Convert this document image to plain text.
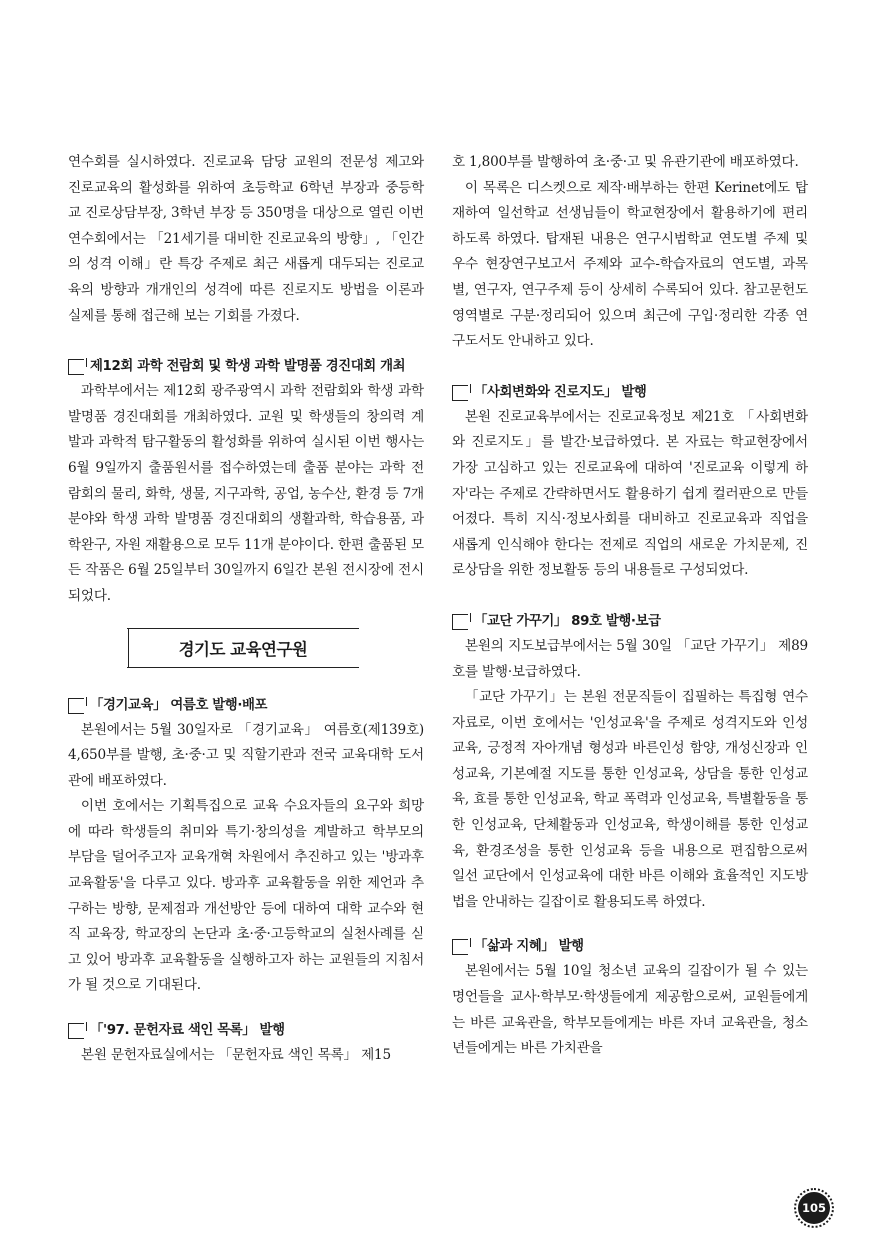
연수회를 실시하였다. 진로교육 담당 교원의 전문성 제고와 진로교육의 활성화를 위하여 초등학교 6학년 부장과 중등학교 진로상담부장, 3학년 부장 등 350명을 대상으로 열린 이번 연수회에서는 「21세기를 대비한 진로교육의 방향」, 「인간의 성격 이해」란 특강 주제로 최근 새롭게 대두되는 진로교육의 방향과 개개인의 성격에 따른 진로지도 방법을 이론과 실제를 통해 접근해 보는 기회를 가졌다.

제12회 과학 전람회 및 학생 과학 발명품 경진대회 개최

과학부에서는 제12회 광주광역시 과학 전람회와 학생 과학 발명품 경진대회를 개최하였다. 교원 및 학생들의 창의력 계발과 과학적 탐구활동의 활성화를 위하여 실시된 이번 행사는 6월 9일까지 출품원서를 접수하였는데 출품 분야는 과학 전람회의 물리, 화학, 생물, 지구과학, 공업, 농수산, 환경 등 7개 분야와 학생 과학 발명품 경진대회의 생활과학, 학습용품, 과학완구, 자원 재활용으로 모두 11개 분야이다. 한편 출품된 모든 작품은 6월 25일부터 30일까지 6일간 본원 전시장에 전시되었다.

경기도 교육연구원
「경기교육」 여름호 발행·배포

본원에서는 5월 30일자로 「경기교육」 여름호(제139호) 4,650부를 발행, 초·중·고 및 직할기관과 전국 교육대학 도서관에 배포하였다.

이번 호에서는 기획특집으로 교육 수요자들의 요구와 희망에 따라 학생들의 취미와 특기·창의성을 계발하고 학부모의 부담을 덜어주고자 교육개혁 차원에서 추진하고 있는 '방과후 교육활동'을 다루고 있다. 방과후 교육활동을 위한 제언과 추구하는 방향, 문제점과 개선방안 등에 대하여 대학 교수와 현직 교육장, 학교장의 논단과 초·중·고등학교의 실천사례를 싣고 있어 방과후 교육활동을 실행하고자 하는 교원들의 지침서가 될 것으로 기대된다.

「'97. 문헌자료 색인 목록」 발행

본원 문헌자료실에서는 「문헌자료 색인 목록」 제15

호 1,800부를 발행하여 초·중·고 및 유관기관에 배포하였다.

이 목록은 디스켓으로 제작·배부하는 한편 Kerinet에도 탑재하여 일선학교 선생님들이 학교현장에서 활용하기에 편리하도록 하였다. 탑재된 내용은 연구시범학교 연도별 주제 및 우수 현장연구보고서 주제와 교수-학습자료의 연도별, 과목별, 연구자, 연구주제 등이 상세히 수록되어 있다. 참고문헌도 영역별로 구분·정리되어 있으며 최근에 구입·정리한 각종 연구도서도 안내하고 있다.

「사회변화와 진로지도」 발행

본원 진로교육부에서는 진로교육정보 제21호 「사회변화와 진로지도」를 발간·보급하였다. 본 자료는 학교현장에서 가장 고심하고 있는 진로교육에 대하여 '진로교육 이렇게 하자'라는 주제로 간략하면서도 활용하기 쉽게 컬러판으로 만들어졌다. 특히 지식·정보사회를 대비하고 진로교육과 직업을 새롭게 인식해야 한다는 전제로 직업의 새로운 가치문제, 진로상담을 위한 정보활동 등의 내용들로 구성되었다.

「교단 가꾸기」 89호 발행·보급

본원의 지도보급부에서는 5월 30일 「교단 가꾸기」 제89호를 발행·보급하였다.

「교단 가꾸기」는 본원 전문직들이 집필하는 특집형 연수자료로, 이번 호에서는 '인성교육'을 주제로 성격지도와 인성교육, 긍정적 자아개념 형성과 바른인성 함양, 개성신장과 인성교육, 기본예절 지도를 통한 인성교육, 상담을 통한 인성교육, 효를 통한 인성교육, 학교 폭력과 인성교육, 특별활동을 통한 인성교육, 단체활동과 인성교육, 학생이해를 통한 인성교육, 환경조성을 통한 인성교육 등을 내용으로 편집함으로써 일선 교단에서 인성교육에 대한 바른 이해와 효율적인 지도방법을 안내하는 길잡이로 활용되도록 하였다.

「삶과 지혜」 발행

본원에서는 5월 10일 청소년 교육의 길잡이가 될 수 있는 명언들을 교사·학부모·학생들에게 제공함으로써, 교원들에게는 바른 교육관을, 학부모들에게는 바른 자녀 교육관을, 청소년들에게는 바른 가치관을

105
